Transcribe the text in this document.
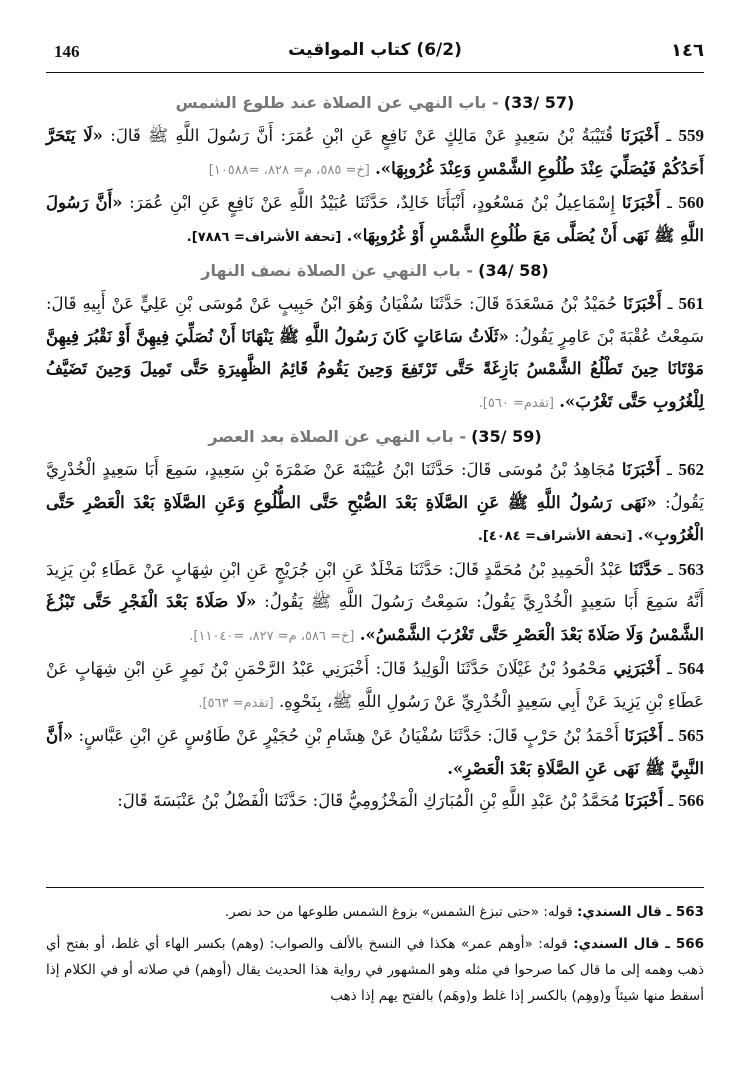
146	(6/2) كتاب المواقيت	١٤٦
(57 /33) - باب النهي عن الصلاة عند طلوع الشمس

559 ـ أَخْبَرَنَا قُتَيْبَةُ بْنُ سَعِيدٍ عَنْ مَالِكٍ عَنْ نَافِعٍ عَنِ ابْنِ عُمَرَ: أَنَّ رَسُولَ اللَّهِ ﷺ قَالَ: «لَا يَتَحَرَّ أَحَدُكُمْ فَيُصَلِّيَ عِنْدَ طُلُوعِ الشَّمْسِ وَعِنْدَ غُرُوبِهَا». [خ= ٥٨٥، م= ٨٢٨، =١٠٥٨٨]

560 ـ أَخْبَرَنَا إِسْمَاعِيلُ بْنُ مَسْعُودٍ، أَنْبَأَنَا خَالِدٌ، حَدَّثَنَا عُبَيْدُ اللَّهِ عَنْ نَافِعٍ عَنِ ابْنِ عُمَرَ: «أَنَّ رَسُولَ اللَّهِ ﷺ نَهَى أَنْ يُصَلَّى مَعَ طُلُوعِ الشَّمْسِ أَوْ غُرُوبِهَا». [تحفة الأشراف= ٧٨٨٦].

(58 /34) - باب النهي عن الصلاة نصف النهار

561 ـ أَخْبَرَنَا حُمَيْدُ بْنُ مَسْعَدَةَ قَالَ: حَدَّثَنَا سُفْيَانُ وَهُوَ ابْنُ حَبِيبٍ عَنْ مُوسَى بْنِ عَلِيٍّ عَنْ أَبِيهِ قَالَ: سَمِعْتُ عُقْبَةَ بْنَ عَامِرٍ يَقُولُ: «ثَلَاثُ سَاعَاتٍ كَانَ رَسُولُ اللَّهِ ﷺ يَنْهَانَا أَنْ نُصَلِّيَ فِيهِنَّ أَوْ نَقْبُرَ فِيهِنَّ مَوْتَانَا حِينَ تَطْلُعُ الشَّمْسُ بَازِغَةً حَتَّى تَرْتَفِعَ وَحِينَ يَقُومُ قَائِمُ الظَّهِيرَةِ حَتَّى تَمِيلَ وَحِينَ تَضَيَّفُ لِلْغُرُوبِ حَتَّى تَغْرُبَ». [تقدم= ٥٦٠].

(59 /35) - باب النهي عن الصلاة بعد العصر

562 ـ أَخْبَرَنَا مُجَاهِدُ بْنُ مُوسَى قَالَ: حَدَّثَنَا ابْنُ عُيَيْنَةَ عَنْ ضَمْرَةَ بْنِ سَعِيدٍ، سَمِعَ أَبَا سَعِيدٍ الْخُدْرِيَّ يَقُولُ: «نَهَى رَسُولُ اللَّهِ ﷺ عَنِ الصَّلَاةِ بَعْدَ الصُّبْحِ حَتَّى الطُّلُوعِ وَعَنِ الصَّلَاةِ بَعْدَ الْعَصْرِ حَتَّى الْغُرُوبِ». [تحفة الأشراف= ٤٠٨٤].

563 ـ حَدَّثَنَا عَبْدُ الْحَمِيدِ بْنُ مُحَمَّدٍ قَالَ: حَدَّثَنَا مَخْلَدٌ عَنِ ابْنِ جُرَيْجٍ عَنِ ابْنِ شِهَابٍ عَنْ عَطَاءِ بْنِ يَزِيدَ أَنَّهُ سَمِعَ أَبَا سَعِيدٍ الْخُدْرِيَّ يَقُولُ: سَمِعْتُ رَسُولَ اللَّهِ ﷺ يَقُولُ: «لَا صَلَاةَ بَعْدَ الْفَجْرِ حَتَّى تَبْزُغَ الشَّمْسُ وَلَا صَلَاةَ بَعْدَ الْعَصْرِ حَتَّى تَغْرُبَ الشَّمْسُ». [خ= ٥٨٦، م= ٨٢٧، =١١٠٤٠].

564 ـ أَخْبَرَنِي مَحْمُودُ بْنُ غَيْلَانَ حَدَّثَنَا الْوَلِيدُ قَالَ: أَخْبَرَنِي عَبْدُ الرَّحْمَنِ بْنُ نَمِرٍ عَنِ ابْنِ شِهَابٍ عَنْ عَطَاءِ بْنِ يَزِيدَ عَنْ أَبِي سَعِيدٍ الْخُدْرِيِّ عَنْ رَسُولِ اللَّهِ ﷺ، بِنَحْوِهِ. [تقدم= ٥٦٣].

565 ـ أَخْبَرَنَا أَحْمَدُ بْنُ حَرْبٍ قَالَ: حَدَّثَنَا سُفْيَانُ عَنْ هِشَامِ بْنِ حُجَيْرٍ عَنْ طَاوُسٍ عَنِ ابْنِ عَبَّاسٍ: «أَنَّ النَّبِيَّ ﷺ نَهَى عَنِ الصَّلَاةِ بَعْدَ الْعَصْرِ».

566 ـ أَخْبَرَنَا مُحَمَّدُ بْنُ عَبْدِ اللَّهِ بْنِ الْمُبَارَكِ الْمَخْزُومِيُّ قَالَ: حَدَّثَنَا الْفَضْلُ بْنُ عَنْبَسَةَ قَالَ:

563 ـ قال السندي: قوله: «حتى تبزغ الشمس» بزوغ الشمس طلوعها من حد نصر.

566 ـ قال السندي: قوله: «أوهم عمر» هكذا في النسخ بالألف والصواب: (وهم) بكسر الهاء أي غلط، أو بفتح أي ذهب وهمه إلى ما قال كما صرحوا في مثله وهو المشهور في رواية هذا الحديث يقال (أوهم) في صلاته أو في الكلام إذا أسقط منها شيئاً و(وهِم) بالكسر إذا غلط و(وهَم) بالفتح يهم إذا ذهب
